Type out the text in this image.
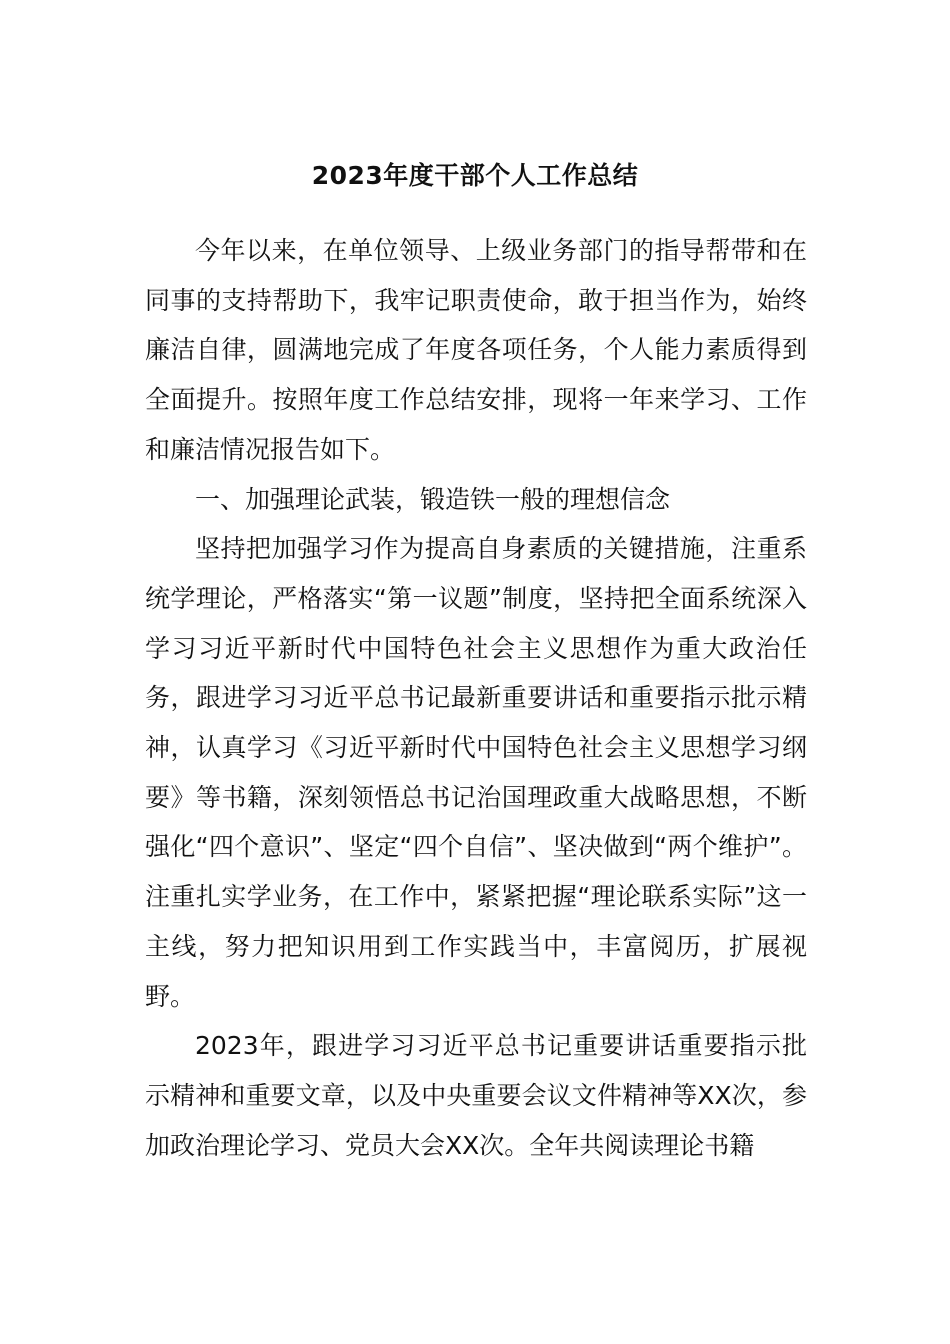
2023年度干部个人工作总结

今年以来，在单位领导、上级业务部门的指导帮带和在同事的支持帮助下，我牢记职责使命，敢于担当作为，始终廉洁自律，圆满地完成了年度各项任务，个人能力素质得到全面提升。按照年度工作总结安排，现将一年来学习、工作和廉洁情况报告如下。

一、加强理论武装，锻造铁一般的理想信念

坚持把加强学习作为提高自身素质的关键措施，注重系统学理论，严格落实“第一议题”制度，坚持把全面系统深入学习习近平新时代中国特色社会主义思想作为重大政治任务，跟进学习习近平总书记最新重要讲话和重要指示批示精神，认真学习《习近平新时代中国特色社会主义思想学习纲要》等书籍，深刻领悟总书记治国理政重大战略思想，不断强化“四个意识”、坚定“四个自信”、坚决做到“两个维护”。注重扎实学业务，在工作中，紧紧把握“理论联系实际”这一主线，努力把知识用到工作实践当中，丰富阅历，扩展视野。

2023年，跟进学习习近平总书记重要讲话重要指示批示精神和重要文章，以及中央重要会议文件精神等XX次，参加政治理论学习、党员大会XX次。全年共阅读理论书籍
